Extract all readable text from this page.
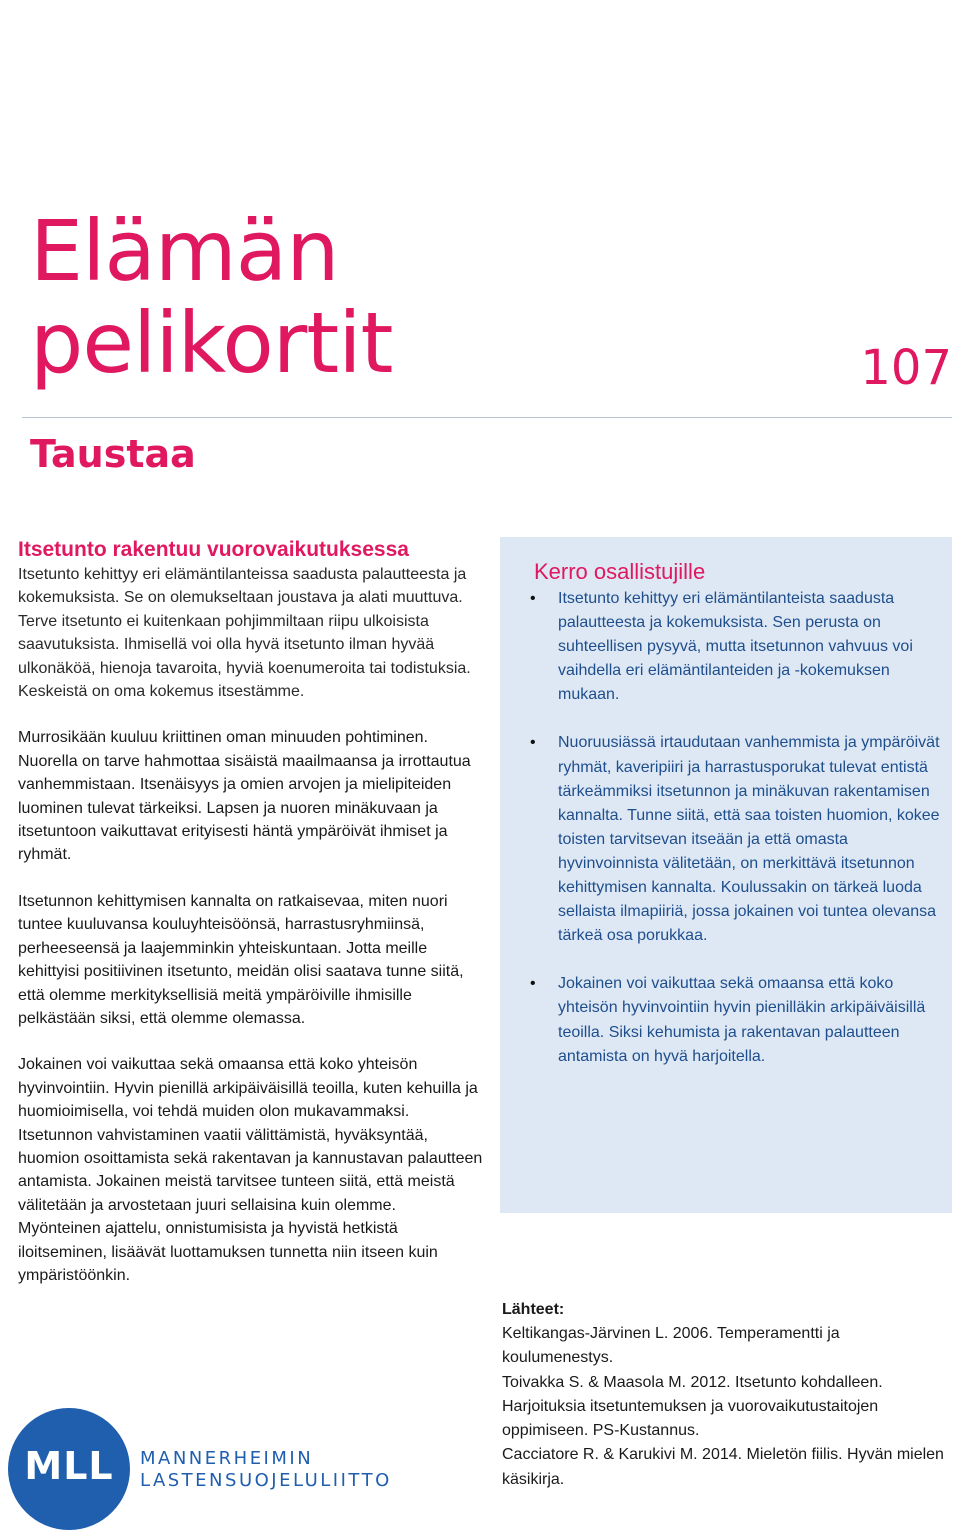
Elämän
pelikortit	107
Taustaa
Itsetunto rakentuu vuorovaikutuksessa

Itsetunto kehittyy eri elämäntilanteissa saadusta palautteesta ja kokemuksista. Se on olemukseltaan joustava ja alati muuttuva. Terve itsetunto ei kuitenkaan pohjimmiltaan riipu ulkoisista saavutuksista. Ihmisellä voi olla hyvä itsetunto ilman hyvää ulkonäköä, hienoja tavaroita, hyviä koenumeroita tai todistuksia. Keskeistä on oma kokemus itsestämme.

Murrosikään kuuluu kriittinen oman minuuden pohtiminen. Nuorella on tarve hahmottaa sisäistä maailmaansa ja irrottautua vanhemmistaan. Itsenäisyys ja omien arvojen ja mielipiteiden luominen tulevat tärkeiksi. Lapsen ja nuoren minäkuvaan ja itsetuntoon vaikuttavat erityisesti häntä ympäröivät ihmiset ja ryhmät.

Itsetunnon kehittymisen kannalta on ratkaisevaa, miten nuori tuntee kuuluvansa kouluyhteisöönsä, harrastusryhmiinsä, perheeseensä ja laajemminkin yhteiskuntaan. Jotta meille kehittyisi positiivinen itsetunto, meidän olisi saatava tunne siitä, että olemme merkityksellisiä meitä ympäröiville ihmisille pelkästään siksi, että olemme olemassa.

Jokainen voi vaikuttaa sekä omaansa että koko yhteisön hyvinvointiin. Hyvin pienillä arkipäiväisillä teoilla, kuten kehuilla ja huomioimisella, voi tehdä muiden olon mukavammaksi. Itsetunnon vahvistaminen vaatii välittämistä, hyväksyntää, huomion osoittamista sekä rakentavan ja kannustavan palautteen antamista. Jokainen meistä tarvitsee tunteen siitä, että meistä välitetään ja arvostetaan juuri sellaisina kuin olemme. Myönteinen ajattelu, onnistumisista ja hyvistä hetkistä iloitseminen, lisäävät luottamuksen tunnetta niin itseen kuin ympäristöönkin.

Kerro osallistujille
• Itsetunto kehittyy eri elämäntilanteista saadusta palautteesta ja kokemuksista. Sen perusta on suhteellisen pysyvä, mutta itsetunnon vahvuus voi vaihdella eri elämäntilanteiden ja -kokemuksen mukaan.
• Nuoruusiässä irtaudutaan vanhemmista ja ympäröivät ryhmät, kaveripiiri ja harrastusporukat tulevat entistä tärkeämmiksi itsetunnon ja minäkuvan rakentamisen kannalta. Tunne siitä, että saa toisten huomion, kokee toisten tarvitsevan itseään ja että omasta hyvinvoinnista välitetään, on merkittävä itsetunnon kehittymisen kannalta. Koulussakin on tärkeä luoda sellaista ilmapiiriä, jossa jokainen voi tuntea olevansa tärkeä osa porukkaa.
• Jokainen voi vaikuttaa sekä omaansa että koko yhteisön hyvinvointiin hyvin pienilläkin arkipäiväisillä teoilla. Siksi kehumista ja rakentavan palautteen antamista on hyvä harjoitella.
Lähteet:

Keltikangas-Järvinen L. 2006. Temperamentti ja koulumenestys.

Toivakka S. & Maasola M. 2012. Itsetunto kohdalleen. Harjoituksia itsetuntemuksen ja vuorovaikutustaitojen oppimiseen. PS-Kustannus.

Cacciatore R. & Karukivi M. 2014. Mieletön fiilis. Hyvän mielen käsikirja.

MLL	MANNERHEIMIN
LASTENSUOJELULIITTO
